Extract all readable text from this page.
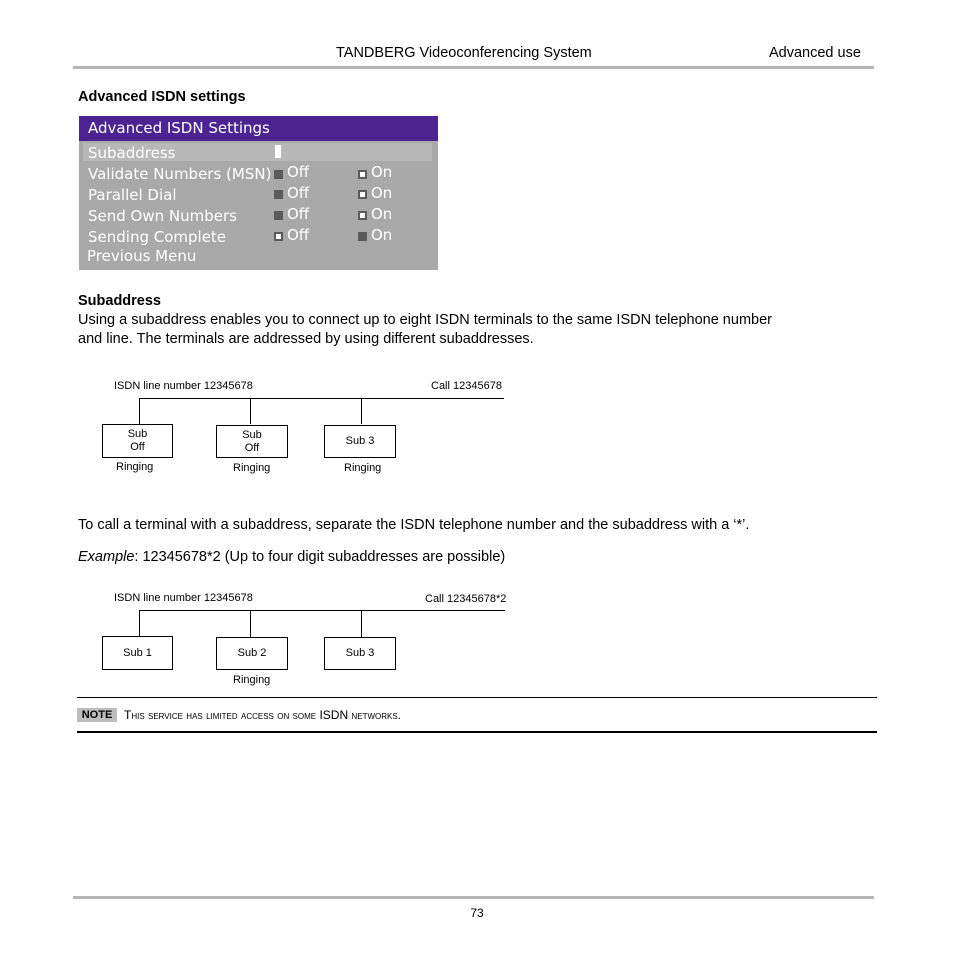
TANDBERG Videoconferencing System	Advanced use
Advanced ISDN settings
Advanced ISDN Settings
Subaddress
Validate Numbers (MSN) Off	On
Parallel Dial	Off	On
Send Own Numbers	Off	On
Sending Complete	Off	On
Previous Menu
Subaddress
Using a subaddress enables you to connect up to eight ISDN terminals to the same ISDN telephone number
and line. The terminals are addressed by using different subaddresses.
ISDN line number 12345678	Call 12345678
Sub
Off
Sub
Off
Sub 3
Ringing	Ringing	Ringing
To call a terminal with a subaddress, separate the ISDN telephone number and the subaddress with a ‘*’.
Example: 12345678*2 (Up to four digit subaddresses are possible)
ISDN line number 12345678	Call 12345678*2
Sub 1	Sub 2	Sub 3
Ringing
NOTE This service has limited access on some ISDN networks.
73
